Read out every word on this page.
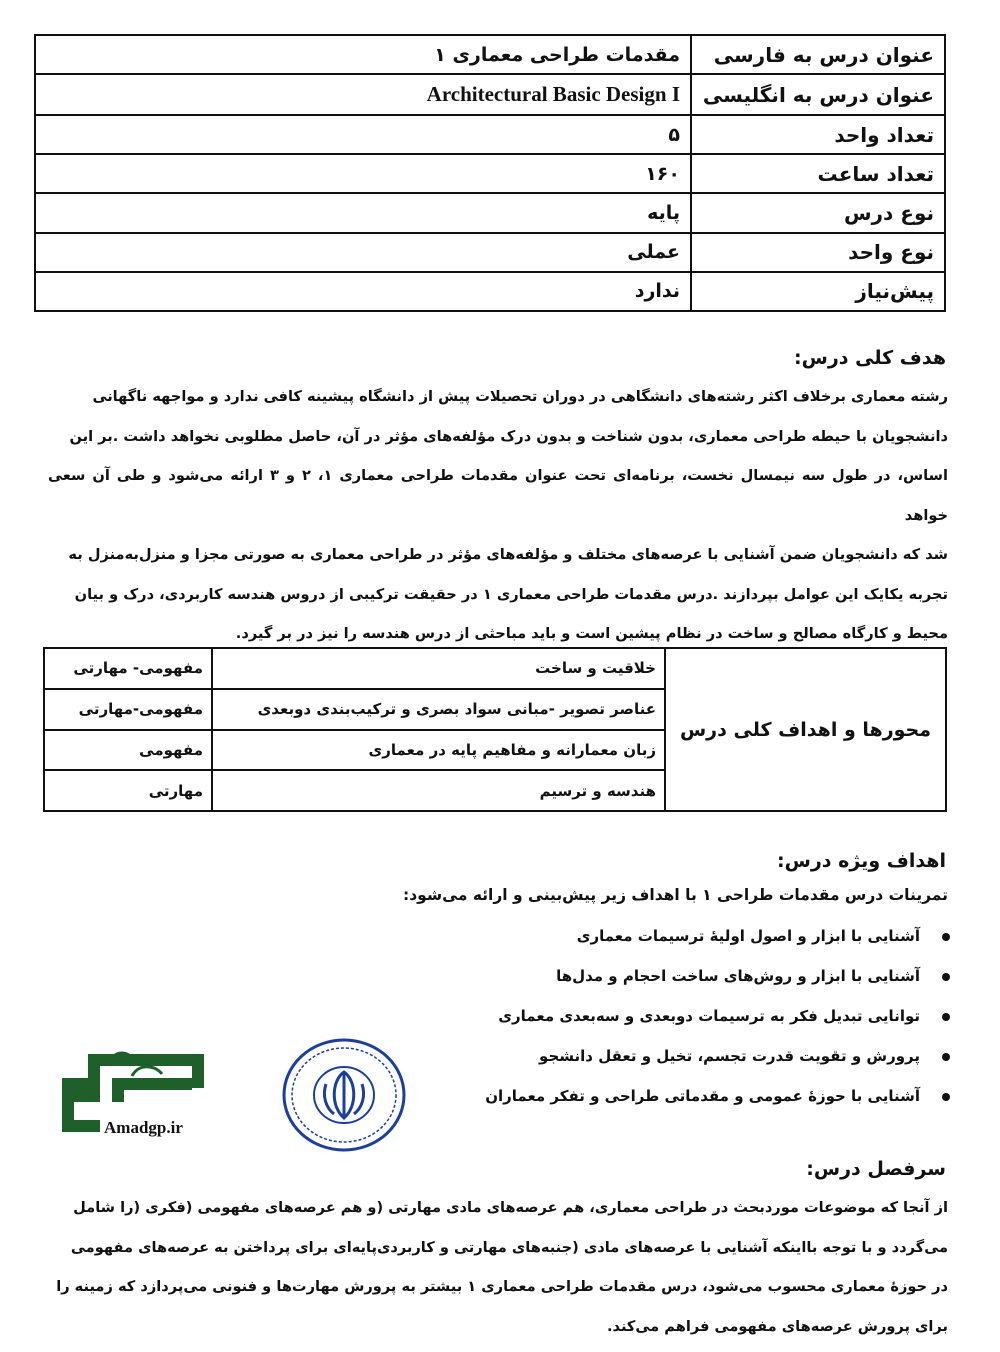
مقدمات طراحی معماری ۱	عنوان درس به فارسی
Architectural Basic Design I	عنوان درس به انگلیسی
۵	تعداد واحد
۱۶۰	تعداد ساعت
پایه	نوع درس
عملی	نوع واحد
ندارد	پیش‌نیاز
هدف کلی درس:
رشته معماری برخلاف اکثر رشته‌های دانشگاهی در دوران تحصیلات پیش از دانشگاه پیشینه کافی ندارد و مواجهه ناگهانی
دانشجویان با حیطه طراحی معماری، بدون شناخت و بدون درک مؤلفه‌های مؤثر در آن، حاصل مطلوبی نخواهد داشت .بر این
اساس، در طول سه نیمسال نخست، برنامه‌ای تحت عنوان مقدمات طراحی معماری ۱، ۲ و ۳ ارائه می‌شود و طی آن سعی خواهد
شد که دانشجویان ضمن آشنایی با عرصه‌های مختلف و مؤلفه‌های مؤثر در طراحی معماری به صورتی مجزا و منزل‌به‌منزل به
تجربه یکایک این عوامل بپردازند .درس مقدمات طراحی معماری ۱ در حقیقت ترکیبی از دروس هندسه کاربردی، درک و بیان
محیط و کارگاه مصالح و ساخت در نظام پیشین است و باید مباحثی از درس هندسه را نیز در بر گیرد.
مفهومی- مهارتی	خلاقیت و ساخت	محورها و اهداف کلی درس
مفهومی-مهارتی	عناصر تصویر -مبانی سواد بصری و ترکیب‌بندی دوبعدی	
مفهومی	زبان معمارانه و مفاهیم پایه در معماری	
مهارتی	هندسه و ترسیم	
اهداف ویژه درس:
تمرینات درس مقدمات طراحی ۱ با اهداف زیر پیش‌بینی و ارائه می‌شود:
آشنایی با ابزار و اصول اولیهٔ ترسیمات معماری
آشنایی با ابزار و روش‌های ساخت احجام و مدل‌ها
توانایی تبدیل فکر به ترسیمات دوبعدی و سه‌بعدی معماری
پرورش و تقویت قدرت تجسم، تخیل و تعقل دانشجو
آشنایی با حوزهٔ عمومی و مقدماتی طراحی و تفکر معماران
Amadgp.ir
سرفصل درس:
از آنجا که موضوعات موردبحث در طراحی معماری، هم عرصه‌های مادی مهارتی (و هم عرصه‌های مفهومی (فکری (را شامل
می‌گردد و با توجه بااینکه آشنایی با عرصه‌های مادی (جنبه‌های مهارتی و کاربردی‌پایه‌ای برای پرداختن به عرصه‌های مفهومی
در حوزهٔ معماری محسوب می‌شود، درس مقدمات طراحی معماری ۱ بیشتر به پرورش مهارت‌ها و فنونی می‌پردازد که زمینه را
برای پرورش عرصه‌های مفهومی فراهم می‌کند.
